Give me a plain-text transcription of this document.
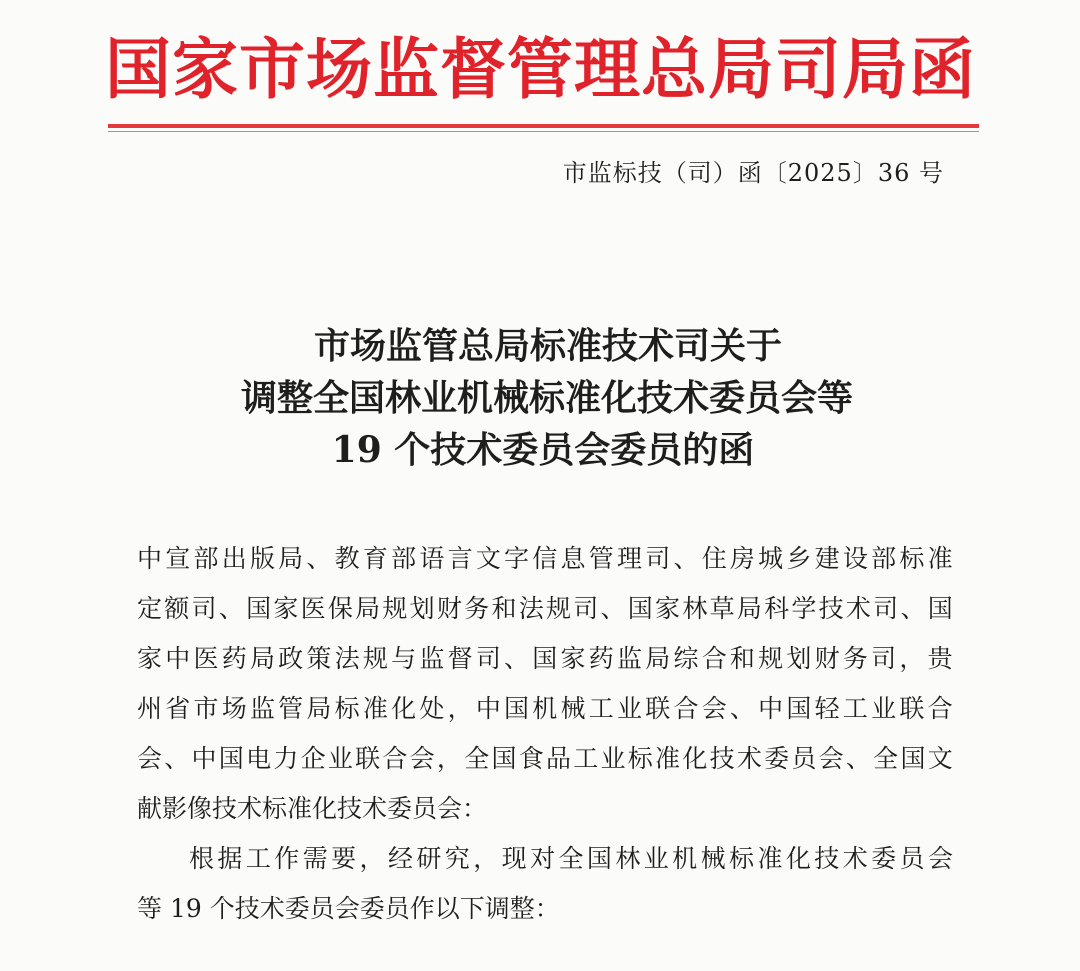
国 家 市 场 监 督 管 理 总 局 司 局 函
市监标技（司）函〔2025〕36 号
市场监管总局标准技术司关于
调整全国林业机械标准化技术委员会等
19 个技术委员会委员的函
中 宣 部 出 版 局 、 教 育 部 语 言 文 字 信 息 管 理 司 、 住 房 城 乡 建 设 部 标 准
定 额 司 、 国 家 医 保 局 规 划 财 务 和 法 规 司 、 国 家 林 草 局 科 学 技 术 司 、 国
家 中 医 药 局 政 策 法 规 与 监 督 司 、 国 家 药 监 局 综 合 和 规 划 财 务 司 ， 贵
州 省 市 场 监 管 局 标 准 化 处 ， 中 国 机 械 工 业 联 合 会 、 中 国 轻 工 业 联 合
会 、 中 国 电 力 企 业 联 合 会 ， 全 国 食 品 工 业 标 准 化 技 术 委 员 会 、 全 国 文
献影像技术标准化技术委员会：
根 据 工 作 需 要 ， 经 研 究 ， 现 对 全 国 林 业 机 械 标 准 化 技 术 委 员 会
等 19 个技术委员会委员作以下调整：
